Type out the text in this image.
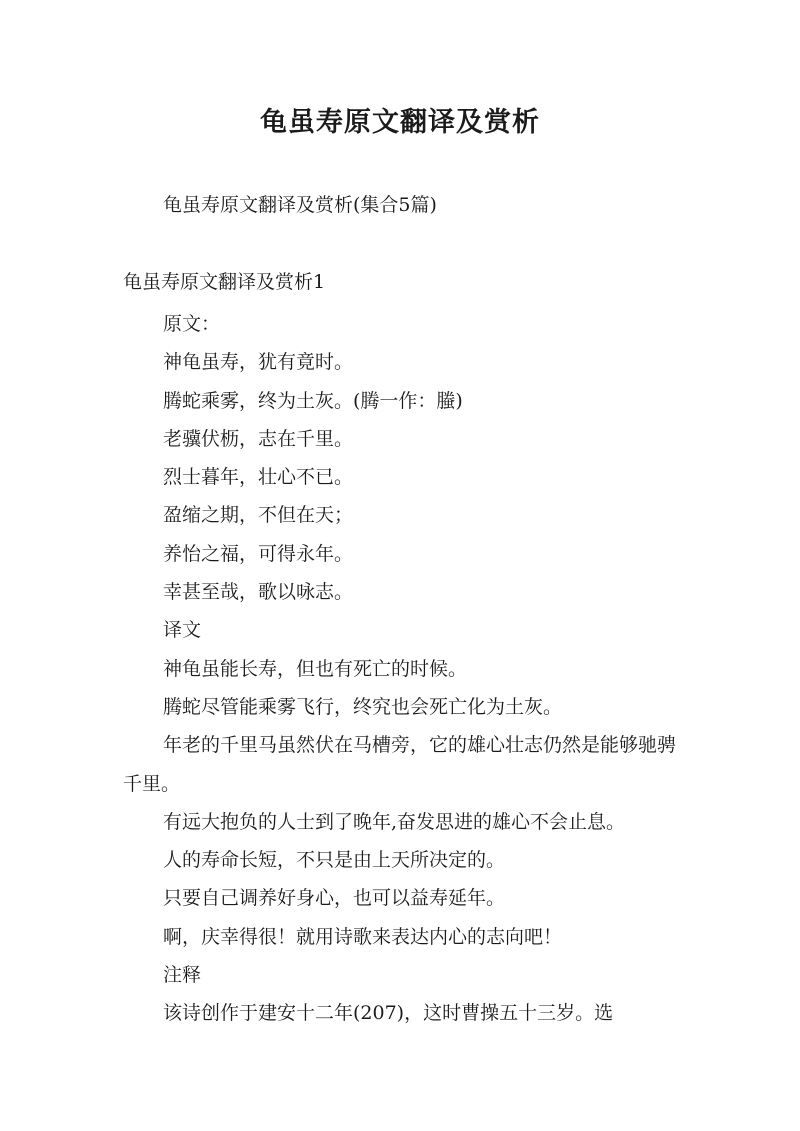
龟虽寿原文翻译及赏析

龟虽寿原文翻译及赏析(集合5篇)

龟虽寿原文翻译及赏析1

原文：

神龟虽寿，犹有竟时。

腾蛇乘雾，终为土灰。(腾一作：螣)

老骥伏枥，志在千里。

烈士暮年，壮心不已。

盈缩之期，不但在天；

养怡之福，可得永年。

幸甚至哉，歌以咏志。

译文

神龟虽能长寿，但也有死亡的时候。

腾蛇尽管能乘雾飞行，终究也会死亡化为土灰。

年老的千里马虽然伏在马槽旁，它的雄心壮志仍然是能够驰骋千里。

有远大抱负的人士到了晚年,奋发思进的雄心不会止息。

人的寿命长短，不只是由上天所决定的。

只要自己调养好身心，也可以益寿延年。

啊，庆幸得很！就用诗歌来表达内心的志向吧！

注释

该诗创作于建安十二年(207)，这时曹操五十三岁。选
